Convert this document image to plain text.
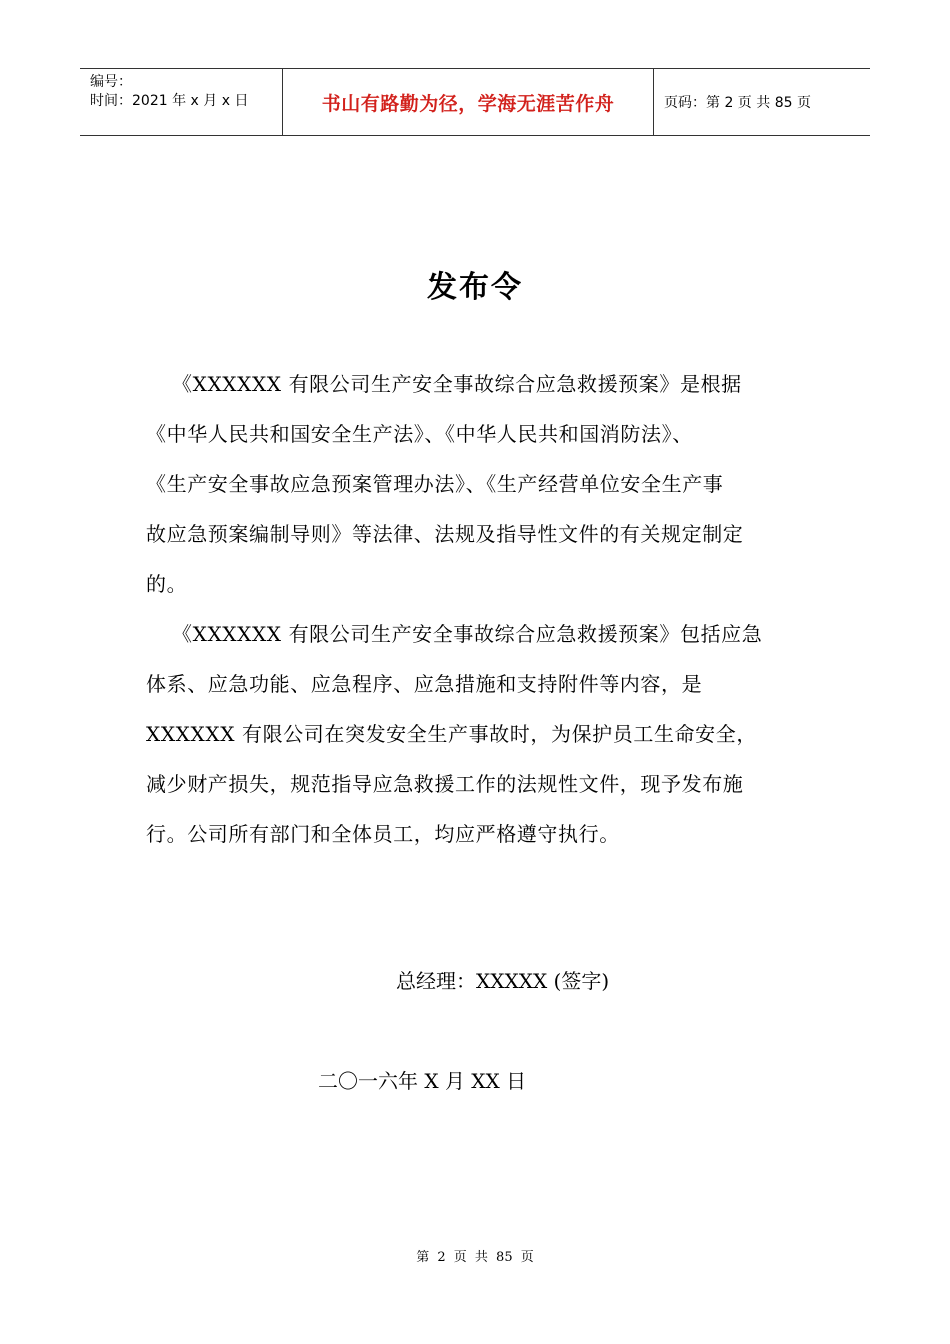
编号：
时间：2021 年 x 月 x 日	书山有路勤为径，学海无涯苦作舟	页码：第 2 页 共 85 页
发布令
《XXXXXX 有限公司生产安全事故综合应急救援预案》是根据
《中华人民共和国安全生产法》、《中华人民共和国消防法》、
《生产安全事故应急预案管理办法》、《生产经营单位安全生产事
故应急预案编制导则》等法律、法规及指导性文件的有关规定制定
的。
《XXXXXX 有限公司生产安全事故综合应急救援预案》包括应急
体系、应急功能、应急程序、应急措施和支持附件等内容，是
XXXXXX 有限公司在突发安全生产事故时，为保护员工生命安全，
减少财产损失，规范指导应急救援工作的法规性文件，现予发布施
行。公司所有部门和全体员工，均应严格遵守执行。
总经理：XXXXX (签字)
二〇一六年 X 月 XX 日
第 2 页 共 85 页
